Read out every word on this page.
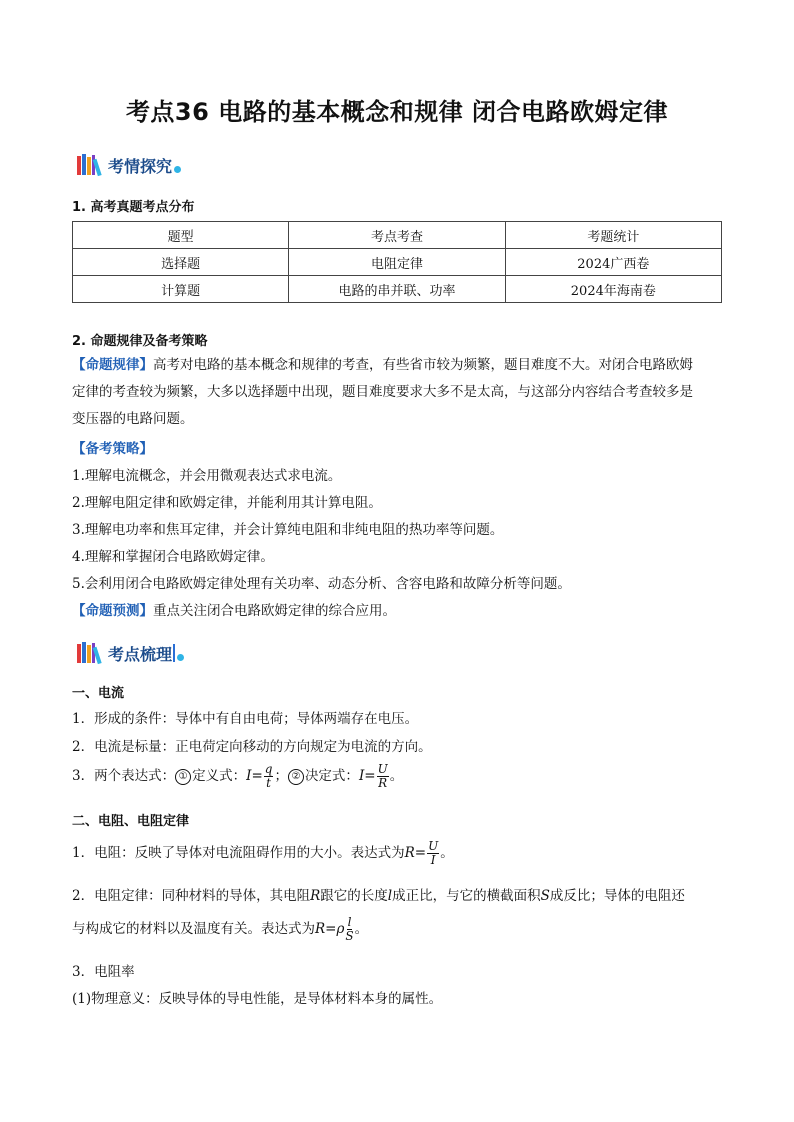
考点36 电路的基本概念和规律 闭合电路欧姆定律
考情探究
1. 高考真题考点分布
题型	考点考查	考题统计
选择题	电阻定律	2024广西卷
计算题	电路的串并联、功率	2024年海南卷
2. 命题规律及备考策略
【命题规律】高考对电路的基本概念和规律的考查，有些省市较为频繁，题目难度不大。对闭合电路欧姆
定律的考查较为频繁，大多以选择题中出现，题目难度要求大多不是太高，与这部分内容结合考查较多是
变压器的电路问题。
【备考策略】
1.理解电流概念，并会用微观表达式求电流。
2.理解电阻定律和欧姆定律，并能利用其计算电阻。
3.理解电功率和焦耳定律，并会计算纯电阻和非纯电阻的热功率等问题。
4.理解和掌握闭合电路欧姆定律。
5.会利用闭合电路欧姆定律处理有关功率、动态分析、含容电路和故障分析等问题。
【命题预测】重点关注闭合电路欧姆定律的综合应用。
考点梳理
一、电流
1．形成的条件：导体中有自由电荷；导体两端存在电压。
2．电流是标量：正电荷定向移动的方向规定为电流的方向。
3．两个表达式： ① 定义式：$I= \frac{q}{t}$ ； ② 决定式：$I= \frac{U}{R}$ 。
二、电阻、电阻定律
1．电阻：反映了导体对电流阻碍作用的大小。表达式为$R= \frac{U}{I}$ 。
2．电阻定律：同种材料的导体，其电阻R跟它的长度l成正比，与它的横截面积S成反比；导体的电阻还
与构成它的材料以及温度有关。表达式为$R=\rho \frac{l}{S}$ 。
3．电阻率
(1)物理意义：反映导体的导电性能，是导体材料本身的属性。
